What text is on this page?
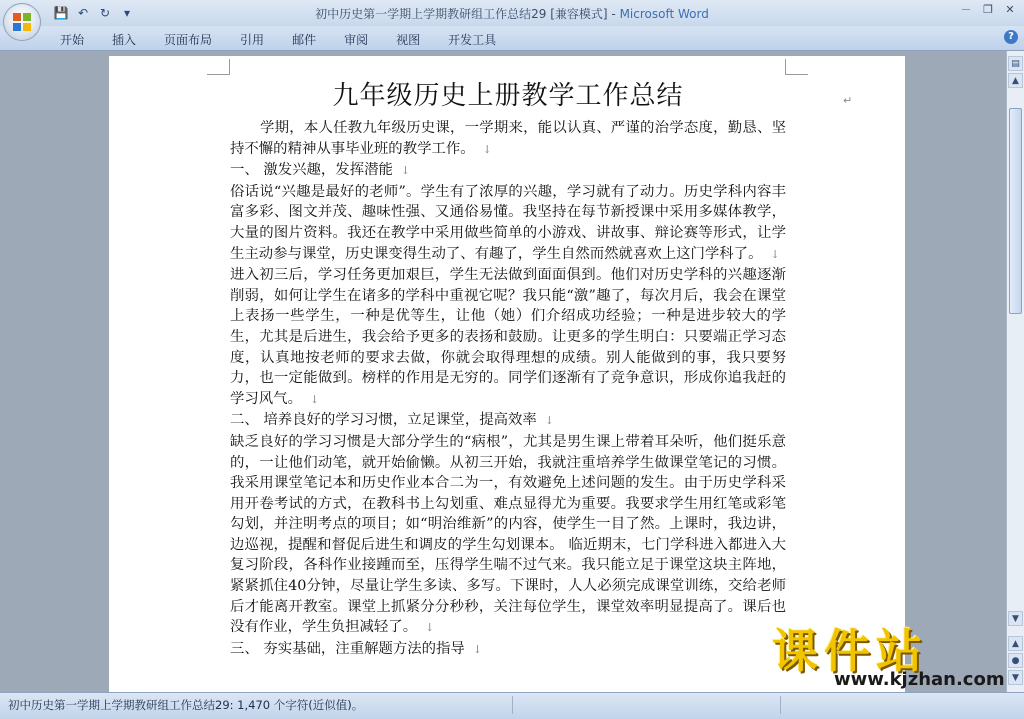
💾 ↶ ↻	▾	初中历史第一学期上学期教研组工作总结29 [兼容模式] - Microsoft Word	－	❐	✕
开始	插入	页面布局	引用	邮件	审阅	视图	开发工具	?
↵
九年级历史上册教学工作总结

学期，本人任教九年级历史课，一学期来，能以认真、严谨的治学态度，勤恳、坚持不懈的精神从事毕业班的教学工作。 ↓

一、 激发兴趣，发挥潜能 ↓

俗话说“兴趣是最好的老师”。学生有了浓厚的兴趣，学习就有了动力。历史学科内容丰富多彩、图文并茂、趣味性强、又通俗易懂。我坚持在每节新授课中采用多媒体教学，大量的图片资料。我还在教学中采用做些简单的小游戏、讲故事、辩论赛等形式，让学生主动参与课堂，历史课变得生动了、有趣了，学生自然而然就喜欢上这门学科了。 ↓

进入初三后，学习任务更加艰巨，学生无法做到面面俱到。他们对历史学科的兴趣逐渐削弱，如何让学生在诸多的学科中重视它呢？我只能“激”趣了，每次月后，我会在课堂上表扬一些学生，一种是优等生，让他（她）们介绍成功经验；一种是进步较大的学生，尤其是后进生，我会给予更多的表扬和鼓励。让更多的学生明白：只要端正学习态度，认真地按老师的要求去做，你就会取得理想的成绩。别人能做到的事，我只要努力，也一定能做到。榜样的作用是无穷的。同学们逐渐有了竞争意识，形成你追我赶的学习风气。 ↓

二、 培养良好的学习习惯，立足课堂，提高效率 ↓

缺乏良好的学习习惯是大部分学生的“病根”，尤其是男生课上带着耳朵听，他们挺乐意的，一让他们动笔，就开始偷懒。从初三开始，我就注重培养学生做课堂笔记的习惯。我采用课堂笔记本和历史作业本合二为一，有效避免上述问题的发生。由于历史学科采用开卷考试的方式，在教科书上勾划重、难点显得尤为重要。我要求学生用红笔或彩笔勾划，并注明考点的项目；如“明治维新”的内容，使学生一目了然。上课时，我边讲，边巡视，提醒和督促后进生和调皮的学生勾划课本。 临近期末，七门学科进入都进入大复习阶段，各科作业接踵而至，压得学生喘不过气来。我只能立足于课堂这块主阵地，紧紧抓住40分钟，尽量让学生多读、多写。下课时，人人必须完成课堂训练，交给老师后才能离开教室。课堂上抓紧分分秒秒，关注每位学生，课堂效率明显提高了。课后也没有作业，学生负担减轻了。 ↓

三、 夯实基础，注重解题方法的指导 ↓

▤
▲
▼
▲
●
▼
初中历史第一学期上学期教研组工作总结29: 1,470 个字符(近似值)。
课件站
www.kjzhan.com
